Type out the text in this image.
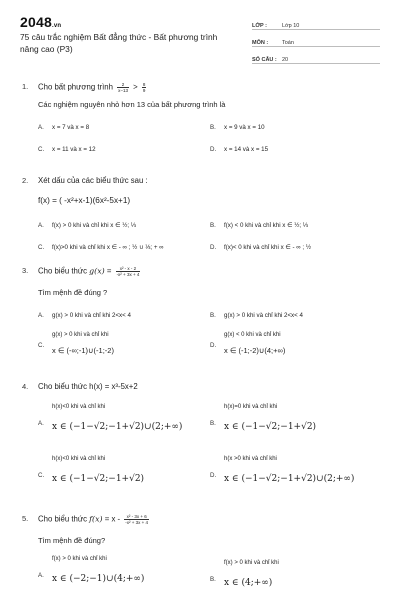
2048.vn
75 câu trắc nghiệm Bất đẳng thức - Bất phương trình nâng cao (P3)
LỚP :	Lớp 10
MÔN :	Toán
SỐ CÂU : 20
1. Cho bất phương trình $\frac{2}{x-13} > \frac{8}{9}$
Các nghiệm nguyên nhỏ hơn 13 của bất phương trình là
A. x = 7 và x = 8	B. x = 9 và x = 10
C. x = 11 và x = 12	D. x = 14 và x = 15
2. Xét dấu của các biểu thức sau :
f(x) = ( -x²+x-1)(6x²-5x+1)
A. f(x) > 0 khi và chỉ khi x ∈ ½; ⅓	B. f(x) < 0 khi và chỉ khi x ∈ ½; ⅓
C. f(x)>0 khi và chỉ khi x ∈ - ∞ ; ½ ∪ ⅓; + ∞	D. f(x)< 0 khi và chỉ khi x ∈ - ∞ ; ½
3. Cho biểu thức $g(x) = \frac{\text{x² - x - 2}}{\text{-x² + 3x + 4}}$
Tìm mệnh đề đúng ?
A. g(x) > 0 khi và chỉ khi 2<x< 4	B. g(x) > 0 khi và chỉ khi 2<x< 4
C.
g(x) > 0 khi và chỉ khi
x ∈ (-∞;-1)∪(-1;-2)
D.
g(x) < 0 khi và chỉ khi
x ∈ (-1;-2)∪(4;+∞)
4. Cho biểu thức h(x) = x³-5x+2
A.
h(x)<0 khi và chỉ khi
x ∈ (−1−√2;−1+√2)∪(2;+∞)	B.
h(x)=0 khi và chỉ khi
x ∈ (−1−√2;−1+√2)
C.
h(x)<0 khi và chỉ khi
x ∈ (−1−√2;−1+√2)	D.
h(x >0 khi và chỉ khi
x ∈ (−1−√2;−1+√2)∪(2;+∞)
5. Cho biểu thức $f(x) = x - \frac{\text{x² - 3x + 6}}{\text{-x² + 3x + 4}}$
Tìm mệnh đề đúng?
A.
f(x) > 0 khi và chỉ khi
x ∈ (−2;−1)∪(4;+∞)	B.
f(x) > 0 khi và chỉ khi
x ∈ (4;+∞)
